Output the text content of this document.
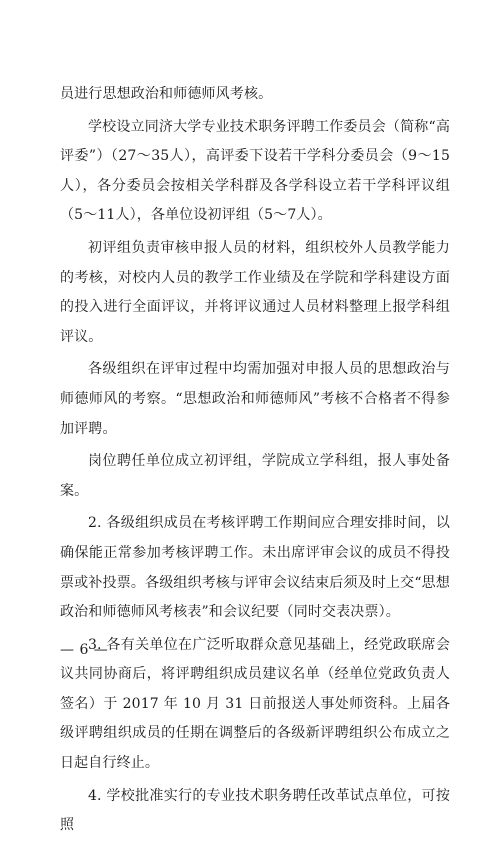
员进行思想政治和师德师风考核。

学校设立同济大学专业技术职务评聘工作委员会（简称“高评委”）（27～35人），高评委下设若干学科分委员会（9～15人），各分委员会按相关学科群及各学科设立若干学科评议组（5～11人），各单位设初评组（5～7人）。

初评组负责审核申报人员的材料，组织校外人员教学能力的考核，对校内人员的教学工作业绩及在学院和学科建设方面的投入进行全面评议，并将评议通过人员材料整理上报学科组评议。

各级组织在评审过程中均需加强对申报人员的思想政治与师德师风的考察。“思想政治和师德师风”考核不合格者不得参加评聘。

岗位聘任单位成立初评组，学院成立学科组，报人事处备案。

2. 各级组织成员在考核评聘工作期间应合理安排时间，以确保能正常参加考核评聘工作。未出席评审会议的成员不得投票或补投票。各级组织考核与评审会议结束后须及时上交“思想政治和师德师风考核表”和会议纪要（同时交表决票）。

3. 各有关单位在广泛听取群众意见基础上，经党政联席会议共同协商后，将评聘组织成员建议名单（经单位党政负责人签名）于 2017 年 10 月 31 日前报送人事处师资科。上届各级评聘组织成员的任期在调整后的各级新评聘组织公布成立之日起自行终止。

4. 学校批准实行的专业技术职务聘任改革试点单位，可按照

— 6 —
